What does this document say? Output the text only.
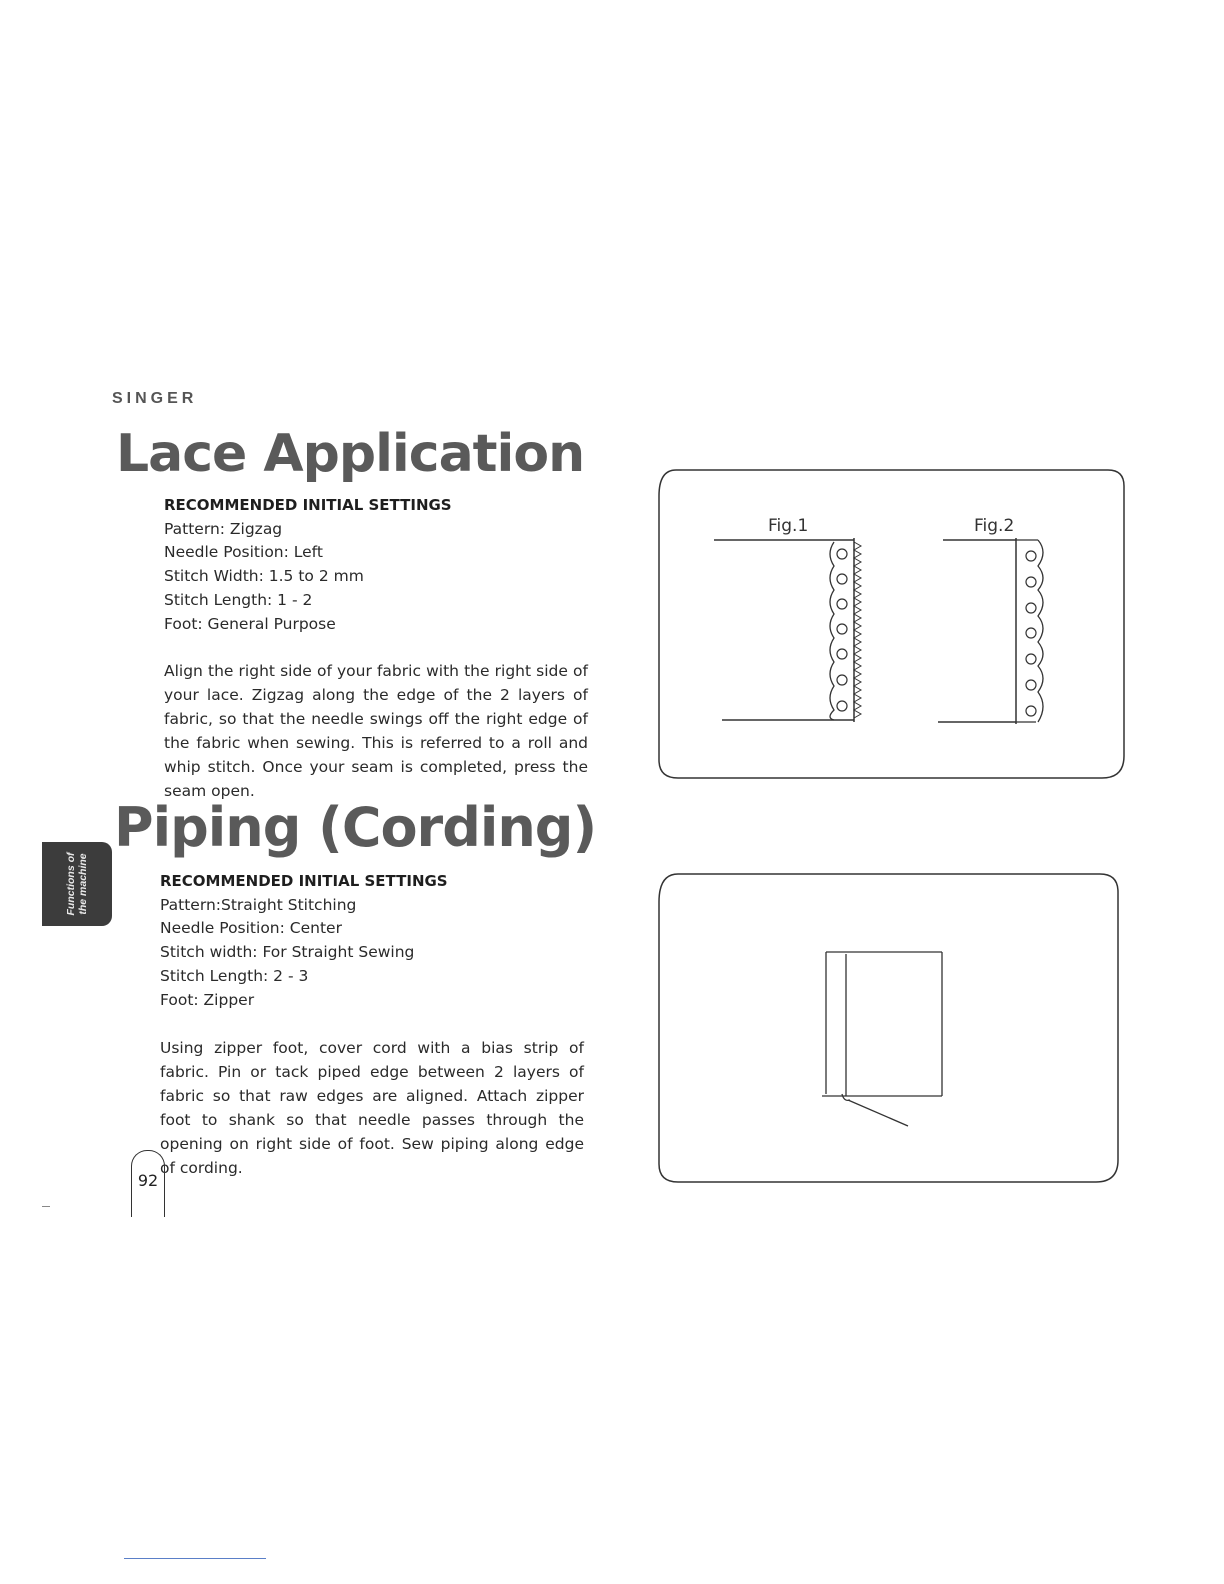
SINGER
Lace Application
RECOMMENDED INITIAL SETTINGS
Pattern: Zigzag
Needle Position: Left
Stitch Width: 1.5 to 2 mm
Stitch Length: 1 - 2
Foot: General Purpose

Align the right side of your fabric with the right side of your lace. Zigzag along the edge of the 2 layers of fabric, so that the needle swings off the right edge of the fabric when sewing. This is referred to a roll and whip stitch. Once your seam is completed, press the seam open.

Fig.1	Fig.2
Piping (Cording)
Functions of the machine	RECOMMENDED INITIAL SETTINGS
Pattern:Straight Stitching
Needle Position: Center
Stitch width: For Straight Sewing
Stitch Length: 2 - 3
Foot: Zipper

Using zipper foot, cover cord with a bias strip of fabric. Pin or tack piped edge between 2 layers of fabric so that raw edges are aligned. Attach zipper foot to shank so that needle passes through the opening on right side of foot. Sew piping along edge of cording.

92
